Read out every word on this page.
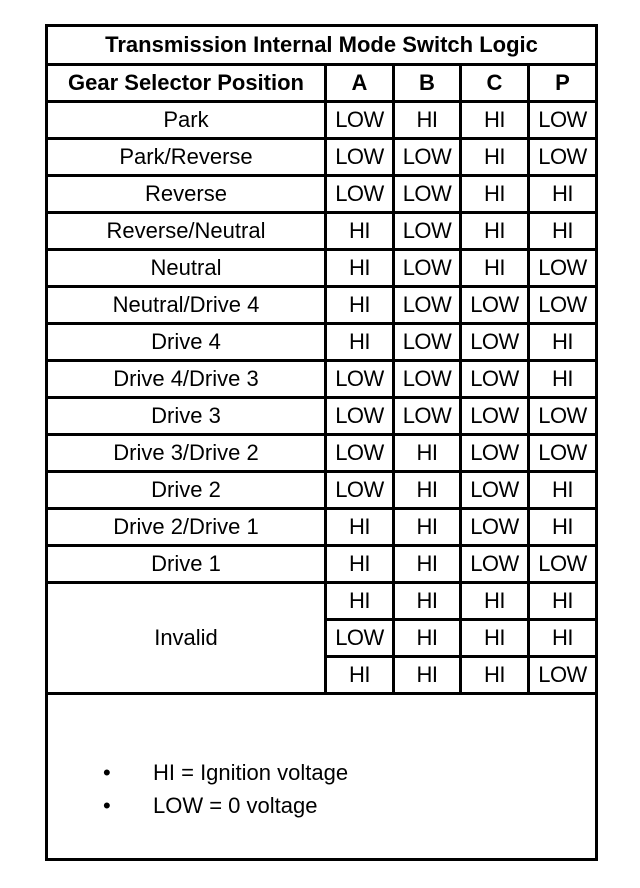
Transmission Internal Mode Switch Logic				
Gear Selector Position	A	B	C	P
Park	LOW	HI	HI	LOW
Park/Reverse	LOW	LOW	HI	LOW
Reverse	LOW	LOW	HI	HI
Reverse/Neutral	HI	LOW	HI	HI
Neutral	HI	LOW	HI	LOW
Neutral/Drive 4	HI	LOW	LOW	LOW
Drive 4	HI	LOW	LOW	HI
Drive 4/Drive 3	LOW	LOW	LOW	HI
Drive 3	LOW	LOW	LOW	LOW
Drive 3/Drive 2	LOW	HI	LOW	LOW
Drive 2	LOW	HI	LOW	HI
Drive 2/Drive 1	HI	HI	LOW	HI
Drive 1	HI	HI	LOW	LOW
Invalid	HI	HI	HI	HI
	LOW	HI	HI	HI
	HI	HI	HI	LOW
• HI = Ignition voltage
• LOW = 0 voltage
